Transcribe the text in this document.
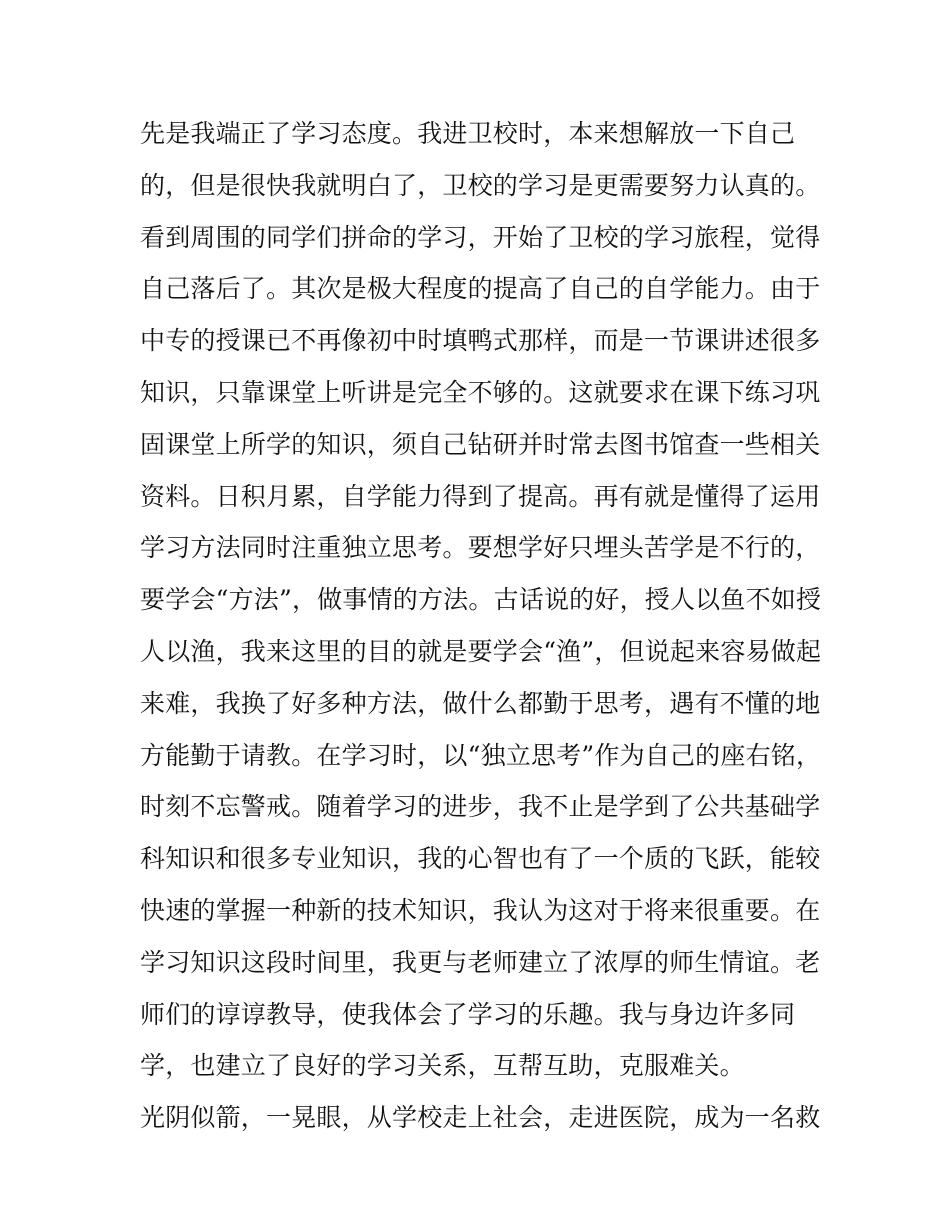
先是我端正了学习态度。我进卫校时，本来想解放一下自己
的，但是很快我就明白了，卫校的学习是更需要努力认真的。
看到周围的同学们拼命的学习，开始了卫校的学习旅程，觉得
自己落后了。其次是极大程度的提高了自己的自学能力。由于
中专的授课已不再像初中时填鸭式那样，而是一节课讲述很多
知识，只靠课堂上听讲是完全不够的。这就要求在课下练习巩
固课堂上所学的知识，须自己钻研并时常去图书馆查一些相关
资料。日积月累，自学能力得到了提高。再有就是懂得了运用
学习方法同时注重独立思考。要想学好只埋头苦学是不行的，
要学会“方法”，做事情的方法。古话说的好，授人以鱼不如授
人以渔，我来这里的目的就是要学会“渔”，但说起来容易做起
来难，我换了好多种方法，做什么都勤于思考，遇有不懂的地
方能勤于请教。在学习时，以“独立思考”作为自己的座右铭，
时刻不忘警戒。随着学习的进步，我不止是学到了公共基础学
科知识和很多专业知识，我的心智也有了一个质的飞跃，能较
快速的掌握一种新的技术知识，我认为这对于将来很重要。在
学习知识这段时间里，我更与老师建立了浓厚的师生情谊。老
师们的谆谆教导，使我体会了学习的乐趣。我与身边许多同
学，也建立了良好的学习关系，互帮互助，克服难关。
光阴似箭，一晃眼，从学校走上社会，走进医院，成为一名救
